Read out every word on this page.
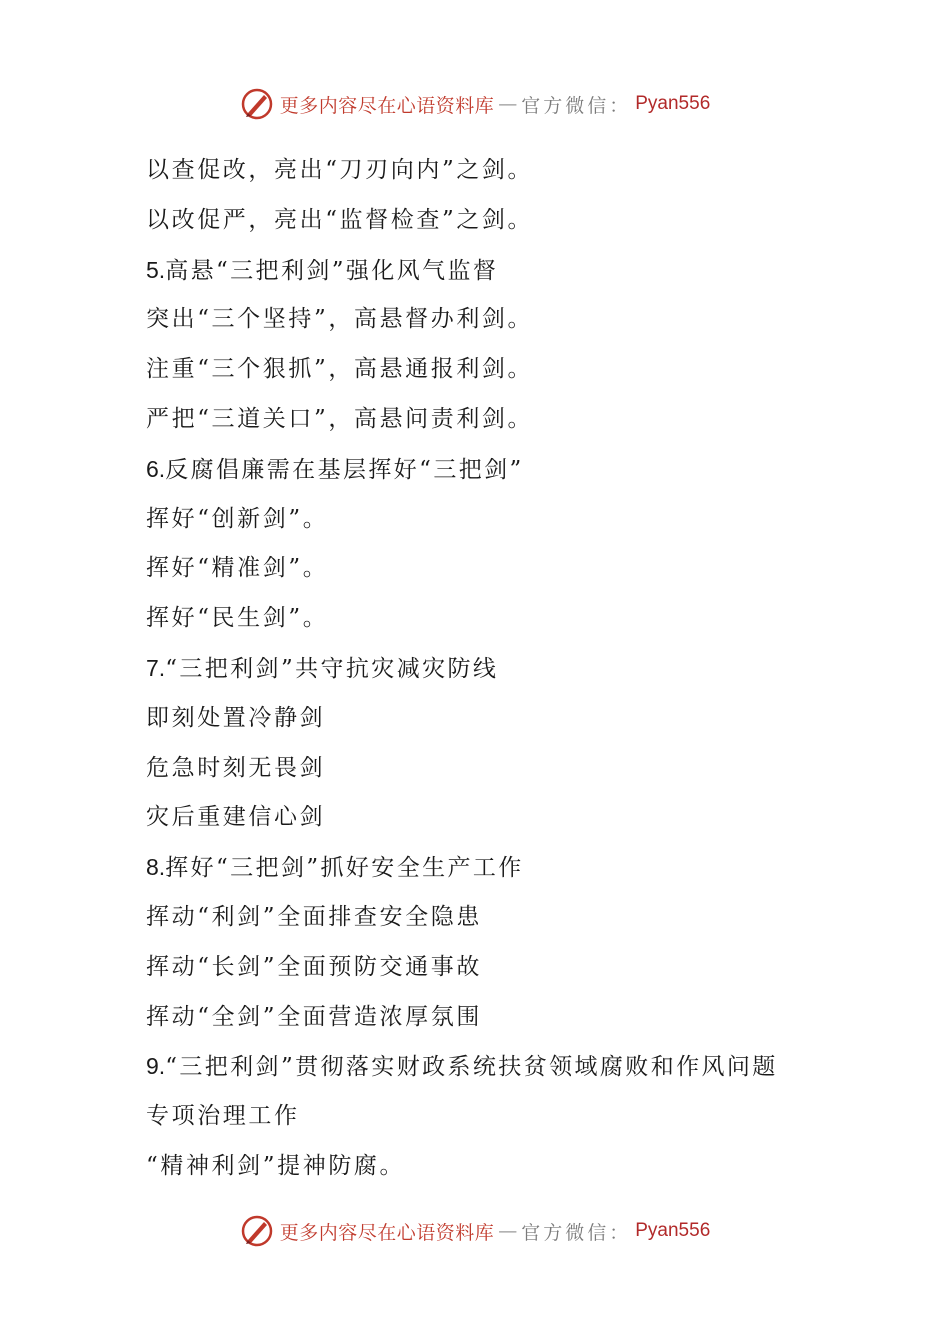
更多内容尽在心语资料库 — 官方微信： Pyan556
以查促改，亮出“刀刃向内”之剑。
以改促严，亮出“监督检查”之剑。
5.高悬“三把利剑”强化风气监督
突出“三个坚持”，高悬督办利剑。
注重“三个狠抓”，高悬通报利剑。
严把“三道关口”，高悬问责利剑。
6.反腐倡廉需在基层挥好“三把剑”
挥好“创新剑”。
挥好“精准剑”。
挥好“民生剑”。
7.“三把利剑”共守抗灾减灾防线
即刻处置冷静剑
危急时刻无畏剑
灾后重建信心剑
8.挥好“三把剑”抓好安全生产工作
挥动“利剑”全面排查安全隐患
挥动“长剑”全面预防交通事故
挥动“全剑”全面营造浓厚氛围
9.“三把利剑”贯彻落实财政系统扶贫领域腐败和作风问题
专项治理工作
“精神利剑”提神防腐。
更多内容尽在心语资料库 — 官方微信： Pyan556
